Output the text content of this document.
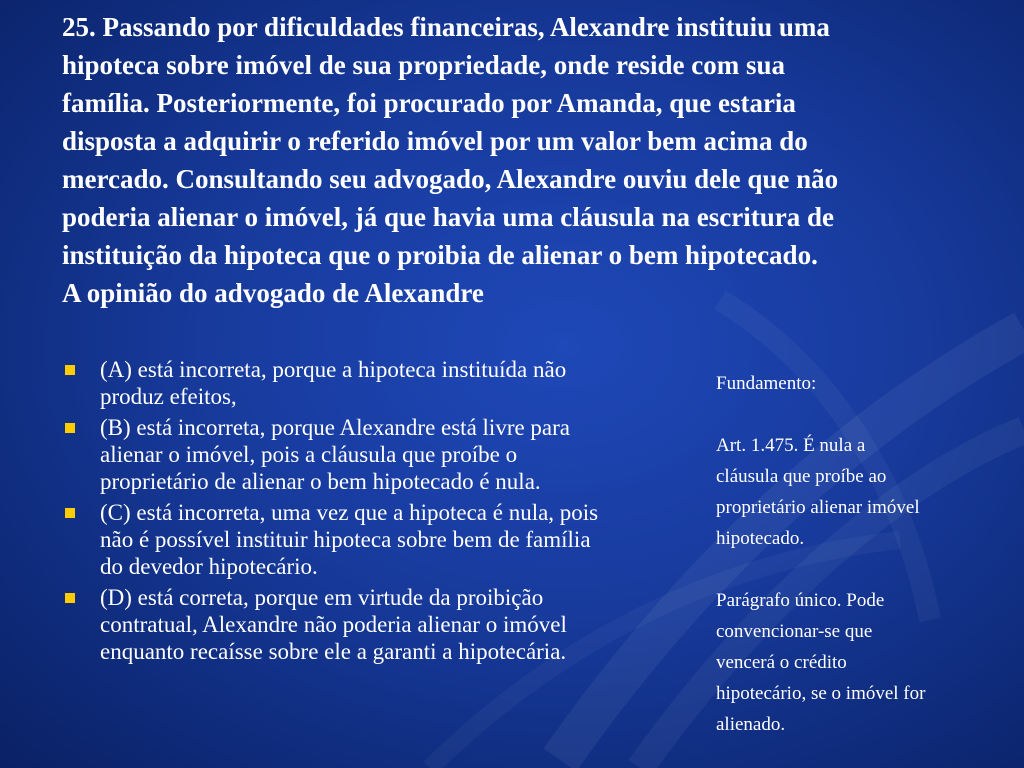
25. Passando por dificuldades financeiras, Alexandre instituiu uma
hipoteca sobre imóvel de sua propriedade, onde reside com sua
família. Posteriormente, foi procurado por Amanda, que estaria
disposta a adquirir o referido imóvel por um valor bem acima do
mercado. Consultando seu advogado, Alexandre ouviu dele que não
poderia alienar o imóvel, já que havia uma cláusula na escritura de
instituição da hipoteca que o proibia de alienar o bem hipotecado.
A opinião do advogado de Alexandre
(A) está incorreta, porque a hipoteca instituída não
produz efeitos,
(B) está incorreta, porque Alexandre está livre para
alienar o imóvel, pois a cláusula que proíbe o
proprietário de alienar o bem hipotecado é nula.
(C) está incorreta, uma vez que a hipoteca é nula, pois
não é possível instituir hipoteca sobre bem de família
do devedor hipotecário.
(D) está correta, porque em virtude da proibição
contratual, Alexandre não poderia alienar o imóvel
enquanto recaísse sobre ele a garanti a hipotecária.

Fundamento:

Art. 1.475. É nula a
cláusula que proíbe ao
proprietário alienar imóvel
hipotecado.

Parágrafo único. Pode
convencionar-se que
vencerá o crédito
hipotecário, se o imóvel for
alienado.
